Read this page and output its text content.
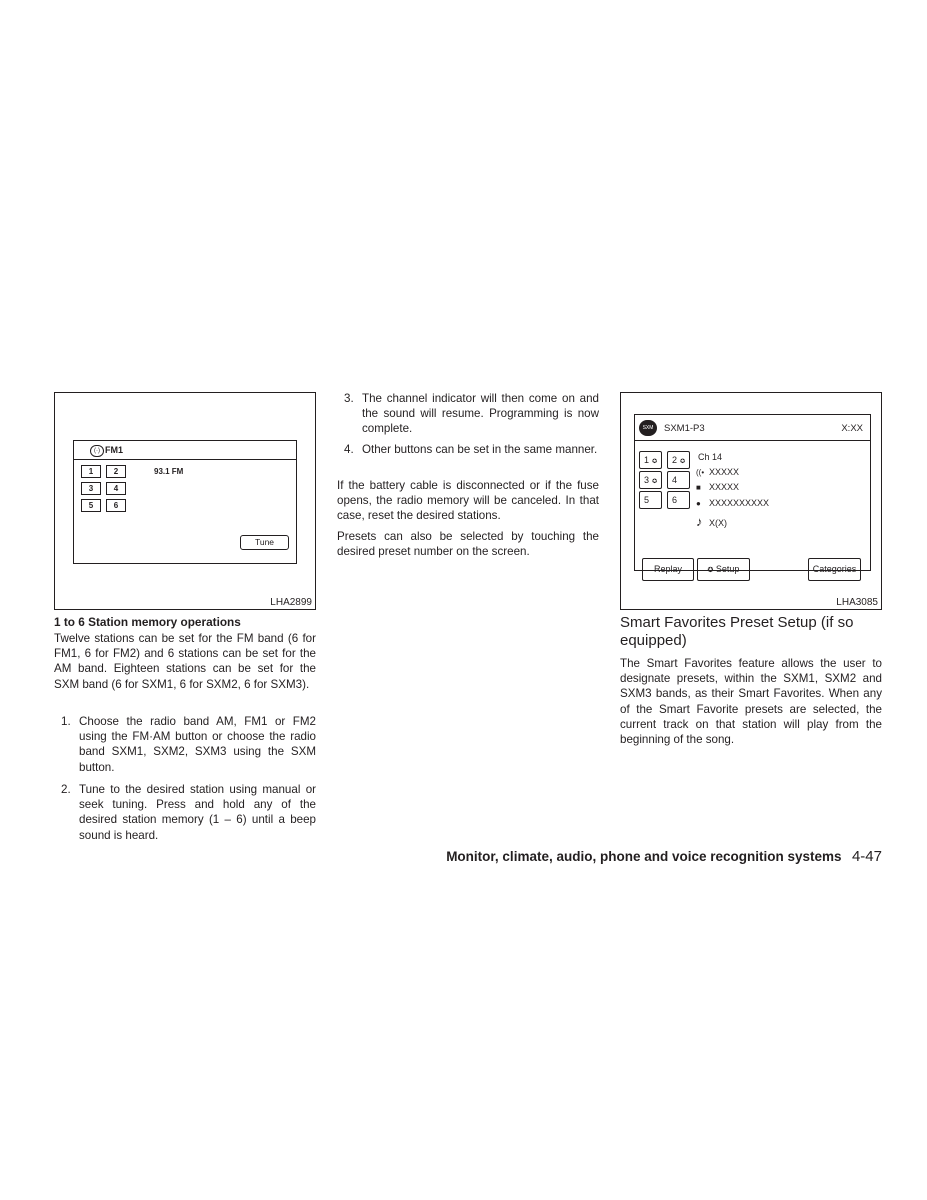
(·) FM1
1	2
3	4
5	6
93.1 FM
Tune
LHA2899
1 to 6 Station memory operations
Twelve stations can be set for the FM band (6 for FM1, 6 for FM2) and 6 stations can be set for the AM band. Eighteen stations can be set for the SXM band (6 for SXM1, 6 for SXM2, 6 for SXM3).
1. Choose the radio band AM, FM1 or FM2 using the FM·AM button or choose the radio band SXM1, SXM2, SXM3 using the SXM button.
2. Tune to the desired station using manual or seek tuning. Press and hold any of the desired station memory (1 – 6) until a beep sound is heard.
3. The channel indicator will then come on and the sound will resume. Programming is now complete.
4. Other buttons can be set in the same manner.
If the battery cable is disconnected or if the fuse opens, the radio memory will be canceled. In that case, reset the desired stations.
Presets can also be selected by touching the desired preset number on the screen.
SXM	SXM1-P3	X:XX
1 ✪	2 ✪
3 ✪	4
5	6
Ch 14
((• XXXXX
■ XXXXX
● XXXXXXXXXX
♪ X(X)
Replay	✪ Setup	Categories
LHA3085
Smart Favorites Preset Setup (if so equipped)
The Smart Favorites feature allows the user to designate presets, within the SXM1, SXM2 and SXM3 bands, as their Smart Favorites. When any of the Smart Favorite presets are selected, the current track on that station will play from the beginning of the song.
Monitor, climate, audio, phone and voice recognition systems 4-47
